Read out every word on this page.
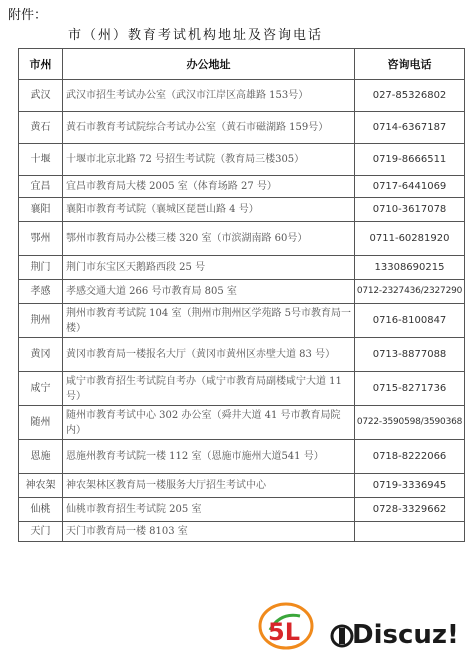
附件：
市（州）教育考试机构地址及咨询电话
市州	办公地址	咨询电话
武汉	武汉市招生考试办公室（武汉市江岸区高雄路 153号）	027-85326802
黄石	黄石市教育考试院综合考试办公室（黄石市磁湖路 159号）	0714-6367187
十堰	十堰市北京北路 72 号招生考试院（教育局三楼305）	0719-8666511
宜昌	宜昌市教育局大楼 2005 室（体育场路 27 号）	0717-6441069
襄阳	襄阳市教育考试院（襄城区琵琶山路 4 号）	0710-3617078
鄂州	鄂州市教育局办公楼三楼 320 室（市滨湖南路 60号）	0711-60281920
荆门	荆门市东宝区天鹅路西段 25 号	13308690215
孝感	孝感交通大道 266 号市教育局 805 室	0712-2327436/2327290
荆州	荆州市教育考试院 104 室（荆州市荆州区学苑路 5号市教育局一楼）	0716-8100847
黄冈	黄冈市教育局一楼报名大厅（黄冈市黄州区赤壁大道 83 号）	0713-8877088
咸宁	咸宁市教育招生考试院自考办（咸宁市教育局副楼咸宁大道 11 号）	0715-8271736
随州	随州市教育考试中心 302 办公室（舜井大道 41 号市教育局院内）	0722-3590598/3590368
恩施	恩施州教育考试院一楼 112 室（恩施市施州大道541 号）	0718-8222066
神农架	神农架林区教育局一楼服务大厅招生考试中心	0719-3336945
仙桃	仙桃市教育招生考试院 205 室	0728-3329662
天门	天门市教育局一楼 8103 室	
5L Discuz!
